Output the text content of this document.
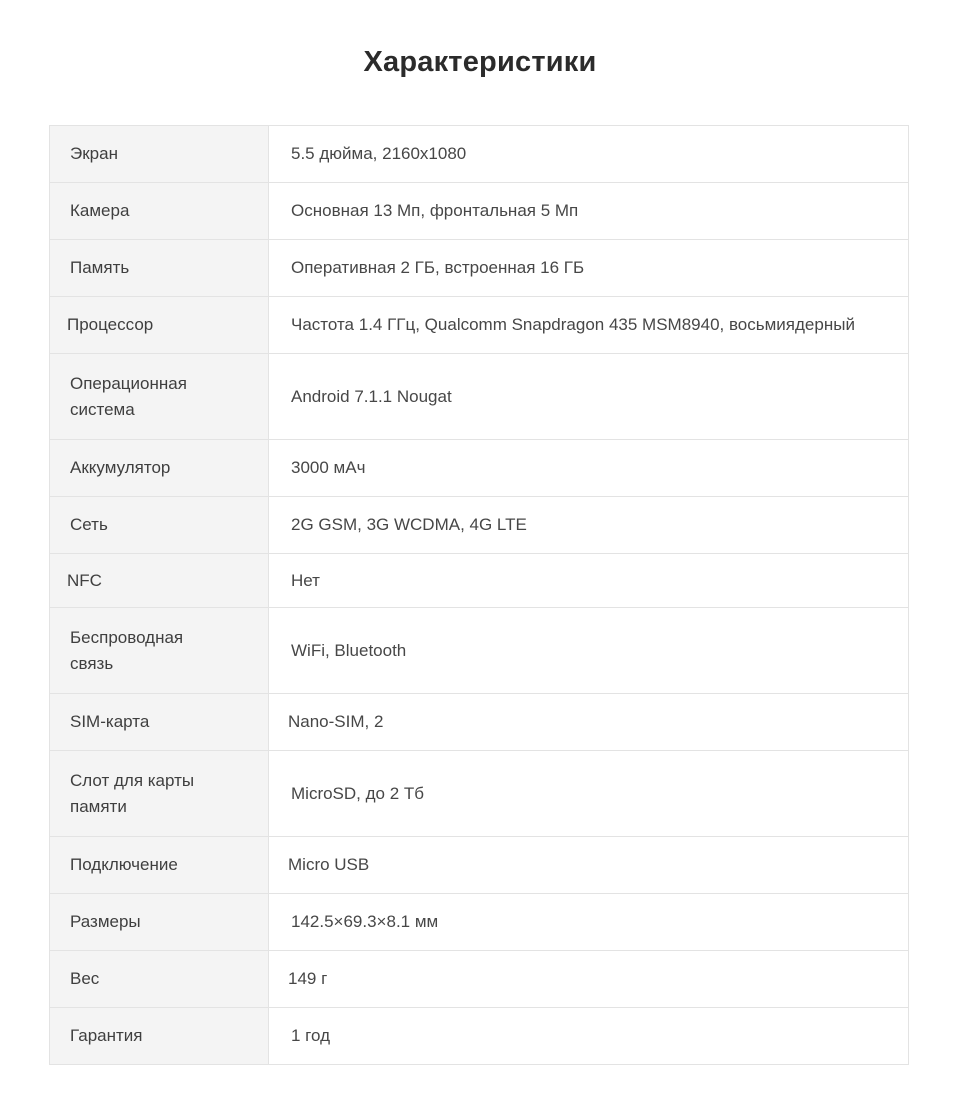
Характеристики
Экран	5.5 дюйма, 2160x1080
Камера	Основная 13 Мп, фронтальная 5 Мп
Память	Оперативная 2 ГБ, встроенная 16 ГБ
Процессор	Частота 1.4 ГГц, Qualcomm Snapdragon 435 MSM8940, восьмиядерный

Операционная система	Android 7.1.1 Nougat
Аккумулятор	3000 мАч
Сеть	2G GSM, 3G WCDMA, 4G LTE
NFC	Нет

Беспроводная связь	WiFi, Bluetooth
SIM-карта	Nano-SIM, 2

Слот для карты памяти	MicroSD, до 2 Тб
Подключение	Micro USB
Размеры	142.5×69.3×8.1 мм
Вес	149 г
Гарантия	1 год
